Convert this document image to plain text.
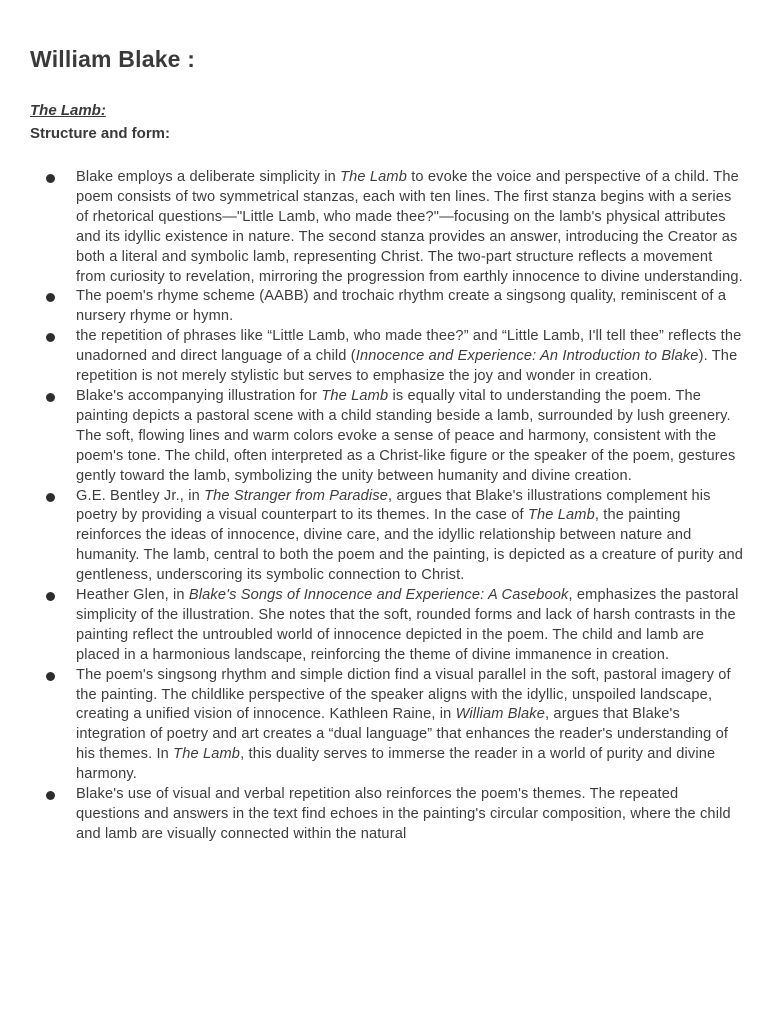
William Blake :
The Lamb:
Structure and form:
Blake employs a deliberate simplicity in The Lamb to evoke the voice and perspective of a child. The poem consists of two symmetrical stanzas, each with ten lines. The first stanza begins with a series of rhetorical questions—"Little Lamb, who made thee?"—focusing on the lamb's physical attributes and its idyllic existence in nature. The second stanza provides an answer, introducing the Creator as both a literal and symbolic lamb, representing Christ. The two-part structure reflects a movement from curiosity to revelation, mirroring the progression from earthly innocence to divine understanding.
The poem's rhyme scheme (AABB) and trochaic rhythm create a singsong quality, reminiscent of a nursery rhyme or hymn.
the repetition of phrases like “Little Lamb, who made thee?” and “Little Lamb, I'll tell thee” reflects the unadorned and direct language of a child (Innocence and Experience: An Introduction to Blake). The repetition is not merely stylistic but serves to emphasize the joy and wonder in creation.
Blake's accompanying illustration for The Lamb is equally vital to understanding the poem. The painting depicts a pastoral scene with a child standing beside a lamb, surrounded by lush greenery. The soft, flowing lines and warm colors evoke a sense of peace and harmony, consistent with the poem's tone. The child, often interpreted as a Christ-like figure or the speaker of the poem, gestures gently toward the lamb, symbolizing the unity between humanity and divine creation.
G.E. Bentley Jr., in The Stranger from Paradise, argues that Blake's illustrations complement his poetry by providing a visual counterpart to its themes. In the case of The Lamb, the painting reinforces the ideas of innocence, divine care, and the idyllic relationship between nature and humanity. The lamb, central to both the poem and the painting, is depicted as a creature of purity and gentleness, underscoring its symbolic connection to Christ.
Heather Glen, in Blake's Songs of Innocence and Experience: A Casebook, emphasizes the pastoral simplicity of the illustration. She notes that the soft, rounded forms and lack of harsh contrasts in the painting reflect the untroubled world of innocence depicted in the poem. The child and lamb are placed in a harmonious landscape, reinforcing the theme of divine immanence in creation.
The poem's singsong rhythm and simple diction find a visual parallel in the soft, pastoral imagery of the painting. The childlike perspective of the speaker aligns with the idyllic, unspoiled landscape, creating a unified vision of innocence. Kathleen Raine, in William Blake, argues that Blake's integration of poetry and art creates a “dual language” that enhances the reader's understanding of his themes. In The Lamb, this duality serves to immerse the reader in a world of purity and divine harmony.
Blake's use of visual and verbal repetition also reinforces the poem's themes. The repeated questions and answers in the text find echoes in the painting's circular composition, where the child and lamb are visually connected within the natural
